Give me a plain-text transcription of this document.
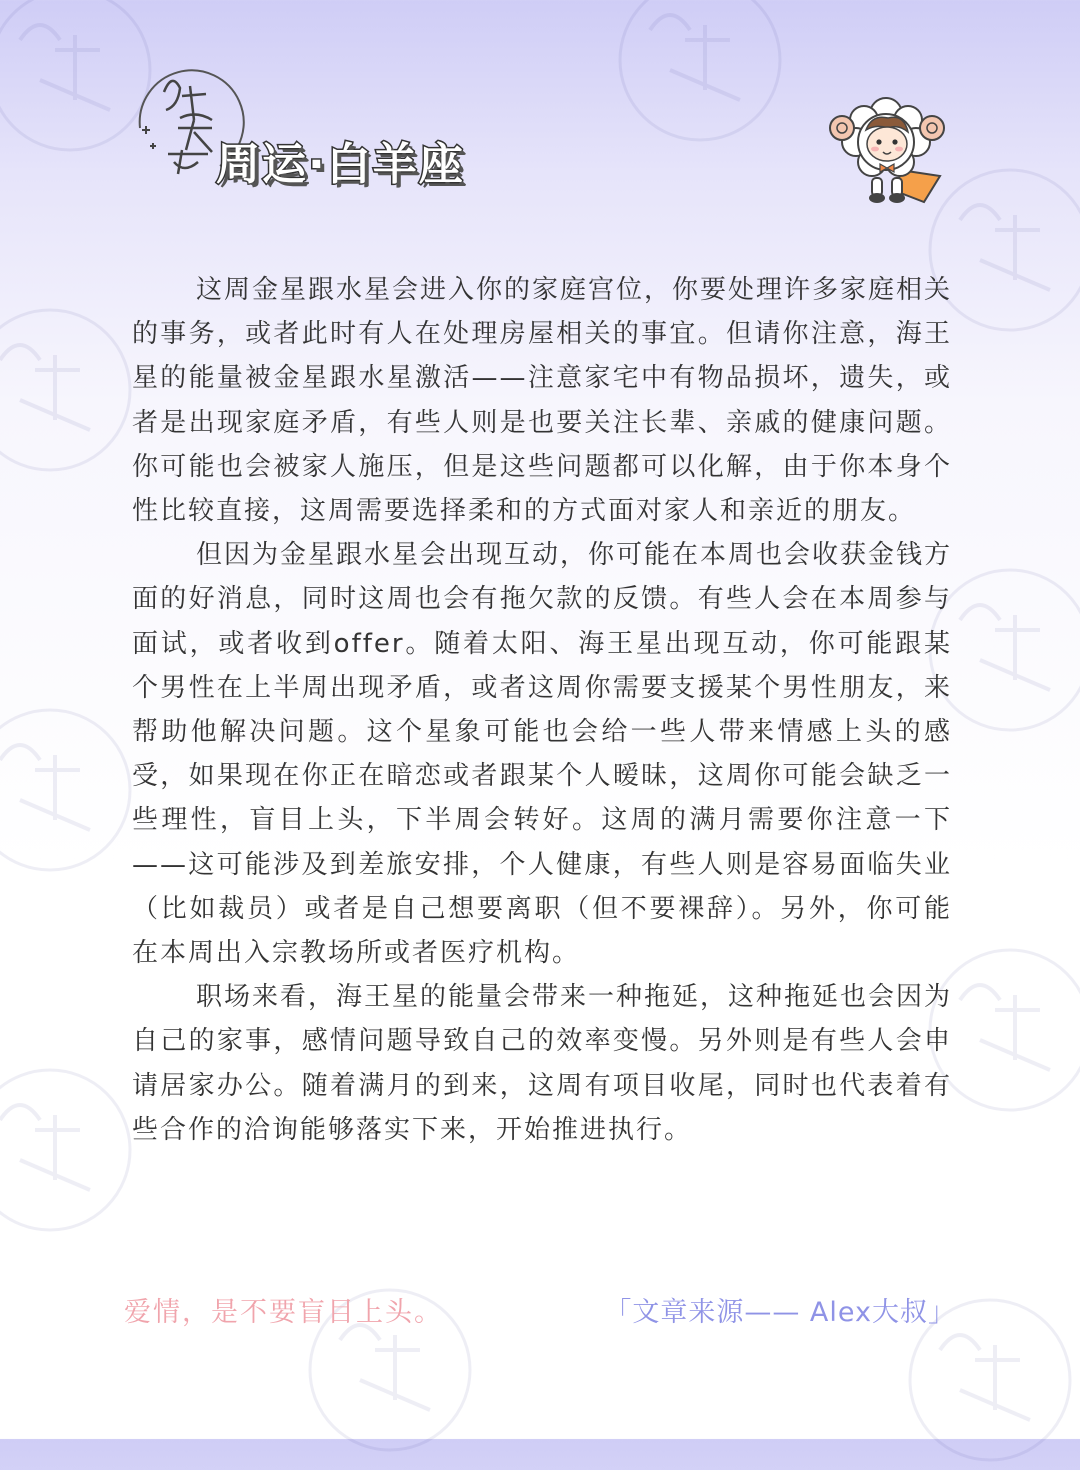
周运·白羊座

这周金星跟水星会进入你的家庭宫位，你要处理许多家庭相关的事务，或者此时有人在处理房屋相关的事宜。但请你注意，海王星的能量被金星跟水星激活——注意家宅中有物品损坏，遗失，或者是出现家庭矛盾，有些人则是也要关注长辈、亲戚的健康问题。你可能也会被家人施压，但是这些问题都可以化解，由于你本身个性比较直接，这周需要选择柔和的方式面对家人和亲近的朋友。

但因为金星跟水星会出现互动，你可能在本周也会收获金钱方面的好消息，同时这周也会有拖欠款的反馈。有些人会在本周参与面试，或者收到offer。随着太阳、海王星出现互动，你可能跟某个男性在上半周出现矛盾，或者这周你需要支援某个男性朋友，来帮助他解决问题。这个星象可能也会给一些人带来情感上头的感受，如果现在你正在暗恋或者跟某个人暧昧，这周你可能会缺乏一些理性，盲目上头，下半周会转好。这周的满月需要你注意一下——这可能涉及到差旅安排，个人健康，有些人则是容易面临失业（比如裁员）或者是自己想要离职（但不要裸辞）。另外，你可能在本周出入宗教场所或者医疗机构。

职场来看，海王星的能量会带来一种拖延，这种拖延也会因为自己的家事，感情问题导致自己的效率变慢。另外则是有些人会申请居家办公。随着满月的到来，这周有项目收尾，同时也代表着有些合作的洽询能够落实下来，开始推进执行。

爱情，是不要盲目上头。	「文章来源—— Alex大叔」
